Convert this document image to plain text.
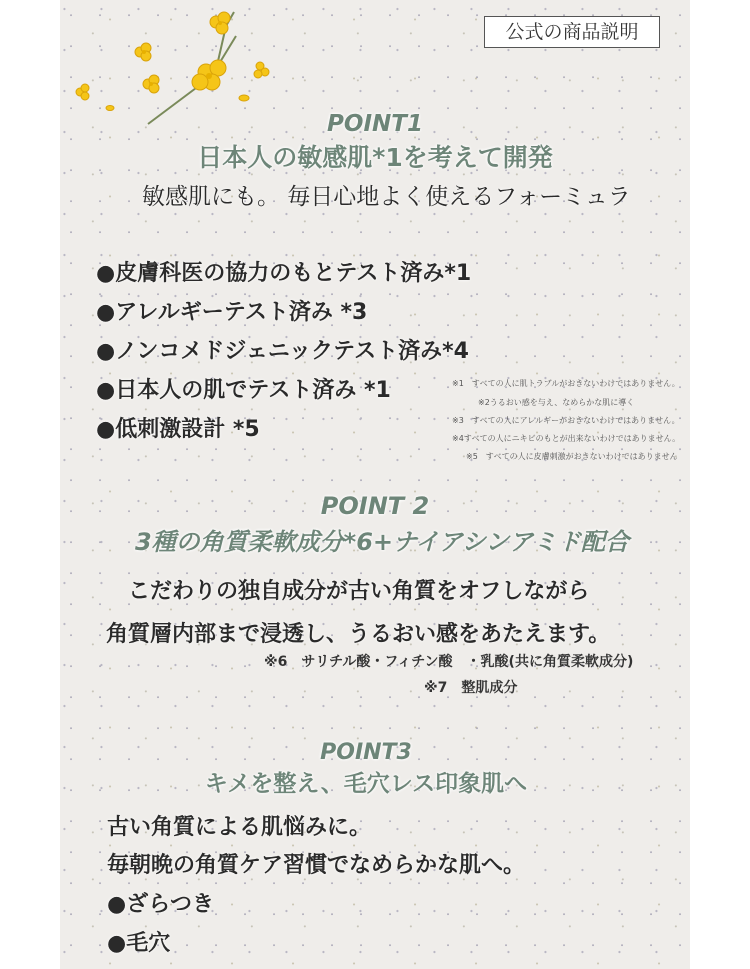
公式の商品説明
POINT1
日本人の敏感肌*1を考えて開発
敏感肌にも。 毎日心地よく使えるフォーミュラ
●皮膚科医の協力のもとテスト済み*1
●アレルギーテスト済み *3
●ノンコメドジェニックテスト済み*4
●日本人の肌でテスト済み *1
●低刺激設計 *5
※1　すべての人に肌トラブルがおきないわけではありません。
※2うるおい感を与え、なめらかな肌に導く
※3　すべての人にアレルギーがおきないわけではありません。
※4すべての人にニキビのもとが出来ないわけではありません。
※5　すべての人に皮膚刺激がおきないわけではありません
POINT 2
3種の角質柔軟成分*6+ナイアシンアミド配合
こだわりの独自成分が古い角質をオフしながら
角質層内部まで浸透し、うるおい感をあたえます。
※6　サリチル酸・フィチン酸　・乳酸(共に角質柔軟成分)
※7　整肌成分
POINT3
キメを整え、毛穴レス印象肌へ
古い角質による肌悩みに。
毎朝晩の角質ケア習慣でなめらかな肌へ。
●ざらつき
●毛穴
